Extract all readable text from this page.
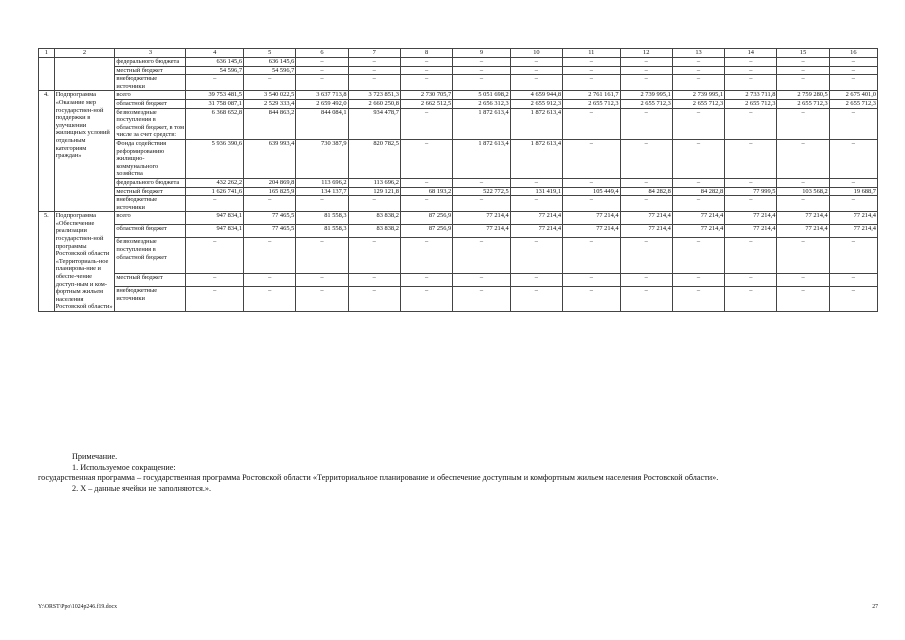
1	2	3	4	5	6	7	8	9	10	11	12	13	14	15	16
		федерального бюджета	636 145,6	636 145,6	–	–	–	–	–	–	–	–	–	–	–
		местный бюджет	54 596,7	54 596,7	–	–	–	–	–	–	–	–	–	–	–
		внебюджетные источники	–	–	–	–	–	–	–	–	–	–	–	–	–
4.	Подпрограмма «Оказание мер государствен-ной поддержки в улучшении жилищных условий отдельным категориям граждан»	всего	39 753 481,5	3 540 022,5	3 637 713,8	3 723 851,3	2 730 705,7	5 051 698,2	4 659 944,8	2 761 161,7	2 739 995,1	2 739 995,1	2 733 711,8	2 759 280,5	2 675 401,0
		областной бюджет	31 758 087,1	2 529 333,4	2 659 492,0	2 660 250,8	2 662 512,5	2 656 312,3	2 655 912,3	2 655 712,3	2 655 712,3	2 655 712,3	2 655 712,3	2 655 712,3	2 655 712,3
		безвозмездные поступления в областной бюджет, в том числе за счет средств:	6 368 652,8	844 863,2	844 084,1	934 478,7	–	1 872 613,4	1 872 613,4	–	–	–	–	–	–
		Фонда содействия реформированию жилищно-коммунального хозяйства	5 936 390,6	639 993,4	730 387,9	820 782,5	–	1 872 613,4	1 872 613,4	–	–	–	–	–	–
		федерального бюджета	432 262,2	204 869,8	113 696,2	113 696,2	–	–	–	–	–	–	–	–	–
		местный бюджет	1 626 741,6	165 825,9	134 137,7	129 121,8	68 193,2	522 772,5	131 419,1	105 449,4	84 282,8	84 282,8	77 999,5	103 568,2	19 688,7
		внебюджетные источники	–	–	–	–	–	–	–	–	–	–	–	–	–
5.	Подпрограмма «Обеспечение реализации государствен-ной программы Ростовской области «Территориаль-ное планирова-ние и обеспе-чение доступ-ным и ком-фортным жильем населения Ростовской области»	всего	947 834,1	77 465,5	81 558,3	83 838,2	87 256,9	77 214,4	77 214,4	77 214,4	77 214,4	77 214,4	77 214,4	77 214,4	77 214,4
		областной бюджет	947 834,1	77 465,5	81 558,3	83 838,2	87 256,9	77 214,4	77 214,4	77 214,4	77 214,4	77 214,4	77 214,4	77 214,4	77 214,4
		безвозмездные поступления в областной бюджет	–	–	–	–	–	–	–	–	–	–	–	–	–
		местный бюджет	–	–	–	–	–	–	–	–	–	–	–	–	–
		внебюджетные источники	–	–	–	–	–	–	–	–	–	–	–	–	–
Примечание.
1. Используемое сокращение:
государственная программа – государственная программа Ростовской области «Территориальное планирование и обеспечение доступным и комфортным жильем населения Ростовской области».
2. Х – данные ячейки не заполняются.».
Y:\ORST\Ppo\1024p246.f19.docx	27
